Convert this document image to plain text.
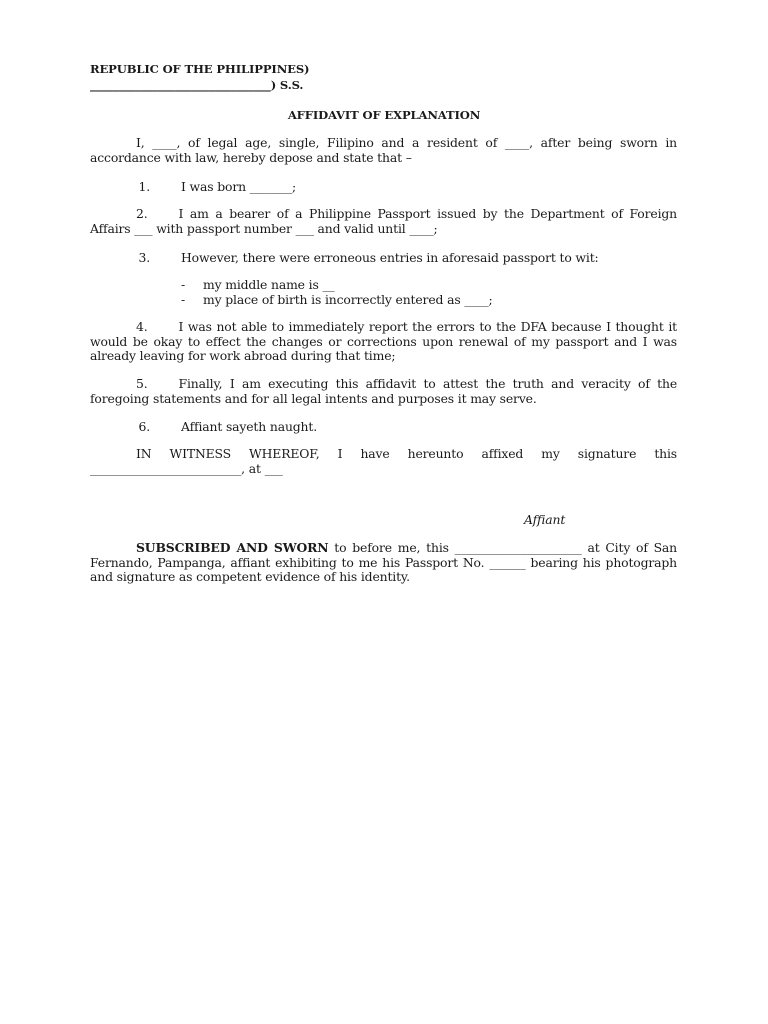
REPUBLIC OF THE PHILIPPINES)
________________________________) S.S.
AFFIDAVIT OF EXPLANATION
I, ____, of legal age, single, Filipino and a resident of ____, after being sworn in accordance with law, hereby depose and state that –
1.	I was born _______;
2.	I am a bearer of a Philippine Passport issued by the Department of Foreign Affairs ___ with passport number ___ and valid until ____;
3.	However, there were erroneous entries in aforesaid passport to wit:
- my middle name is __
- my place of birth is incorrectly entered as ____;
4.	I was not able to immediately report the errors to the DFA because I thought it would be okay to effect the changes or corrections upon renewal of my passport and I was already leaving for work abroad during that time;
5.	Finally, I am executing this affidavit to attest the truth and veracity of the foregoing statements and for all legal intents and purposes it may serve.
6.	Affiant sayeth naught.
IN WITNESS WHEREOF, I have hereunto affixed my signature this _________________________, at ___
Affiant
SUBSCRIBED AND SWORN to before me, this _____________________ at City of San Fernando, Pampanga, affiant exhibiting to me his Passport No. ______ bearing his photograph and signature as competent evidence of his identity.
